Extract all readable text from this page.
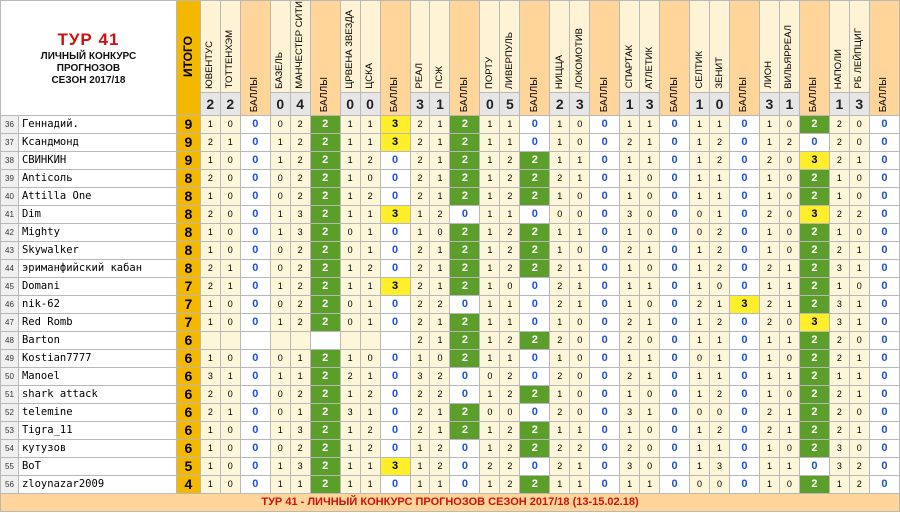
ТУР 41
ЛИЧНЫЙ КОНКУРС
ПРОГНОЗОВ
СЕЗОН 2017/18		ИТОГО	ЮВЕНТУС	ТОТТЕНХЭМ	БАЛЛЫ	БАЗЕЛЬ	МАНЧЕСТЕР СИТИ	БАЛЛЫ	ЦРВЕНА ЗВЕЗДА	ЦСКА	БАЛЛЫ	РЕАЛ	ПСЖ	БАЛЛЫ	ПОРТУ	ЛИВЕРПУЛЬ	БАЛЛЫ	НИЦЦА	ЛОКОМОТИВ	БАЛЛЫ	СПАРТАК	АТЛЕТИК	БАЛЛЫ	СЕЛТИК	ЗЕНИТ	БАЛЛЫ	ЛИОН	ВИЛЬЯРРЕАЛ	БАЛЛЫ	НАПОЛИ	РБ ЛЕЙПЦИГ	БАЛЛЫ
			2	2		0	4		0	0		3	1		0	5		2	3		1	3		1	0		3	1		1	3	
36	Геннадий.	9	1	0	0	0	2	2	1	1	3	2	1	2	1	1	0	1	0	0	1	1	0	1	1	0	1	0	2	2	0	0
37	Ксандмонд	9	2	1	0	1	2	2	1	1	3	2	1	2	1	1	0	1	0	0	2	1	0	1	2	0	1	2	0	2	0	0
38	СВИНКИН	9	1	0	0	1	2	2	1	2	0	2	1	2	1	2	2	1	1	0	1	1	0	1	2	0	2	0	3	2	1	0
39	Anticoль	8	2	0	0	0	2	2	1	0	0	2	1	2	1	2	2	2	1	0	1	0	0	1	1	0	1	0	2	1	0	0
40	Attilla One	8	1	0	0	0	2	2	1	2	0	2	1	2	1	2	2	1	0	0	1	0	0	1	1	0	1	0	2	1	0	0
41	Dim	8	2	0	0	1	3	2	1	1	3	1	2	0	1	1	0	0	0	0	3	0	0	0	1	0	2	0	3	2	2	0
42	Mighty	8	1	0	0	1	3	2	0	1	0	1	0	2	1	2	2	1	1	0	1	0	0	0	2	0	1	0	2	1	0	0
43	Skywalker	8	1	0	0	0	2	2	0	1	0	2	1	2	1	2	2	1	0	0	2	1	0	1	2	0	1	0	2	2	1	0
44	эриманфийский кабан	8	2	1	0	0	2	2	1	2	0	2	1	2	1	2	2	2	1	0	1	0	0	1	2	0	2	1	2	3	1	0
45	Domani	7	2	1	0	1	2	2	1	1	3	2	1	2	1	0	0	2	1	0	1	1	0	1	0	0	1	1	2	1	0	0
46	nik-62	7	1	0	0	0	2	2	0	1	0	2	2	0	1	1	0	2	1	0	1	0	0	2	1	3	2	1	2	3	1	0
47	Red Romb	7	1	0	0	1	2	2	0	1	0	2	1	2	1	1	0	1	0	0	2	1	0	1	2	0	2	0	3	3	1	0
48	Barton	6										2	1	2	1	2	2	2	0	0	2	0	0	1	1	0	1	1	2	2	0	0
49	Kostian7777	6	1	0	0	0	1	2	1	0	0	1	0	2	1	1	0	1	0	0	1	1	0	0	1	0	1	0	2	2	1	0
50	Manoel	6	3	1	0	1	1	2	2	1	0	3	2	0	0	2	0	2	0	0	2	1	0	1	1	0	1	1	2	1	1	0
51	shark attack	6	2	0	0	0	2	2	1	2	0	2	2	0	1	2	2	1	0	0	1	0	0	1	2	0	1	0	2	2	1	0
52	telemine	6	2	1	0	0	1	2	3	1	0	2	1	2	0	0	0	2	0	0	3	1	0	0	0	0	2	1	2	2	0	0
53	Tigra_11	6	1	0	0	1	3	2	1	2	0	2	1	2	1	2	2	1	1	0	1	0	0	1	2	0	2	1	2	2	1	0
54	кутузов	6	1	0	0	0	2	2	1	2	0	1	2	0	1	2	2	2	2	0	2	0	0	1	1	0	1	0	2	3	0	0
55	BoT	5	1	0	0	1	3	2	1	1	3	1	2	0	2	2	0	2	1	0	3	0	0	1	3	0	1	1	0	3	2	0
56	zloynazar2009	4	1	0	0	1	1	2	1	1	0	1	1	0	1	2	2	1	1	0	1	1	0	0	0	0	1	0	2	1	2	0
ТУР 41 - ЛИЧНЫЙ КОНКУРС ПРОГНОЗОВ СЕЗОН 2017/18 (13-15.02.18)																																
